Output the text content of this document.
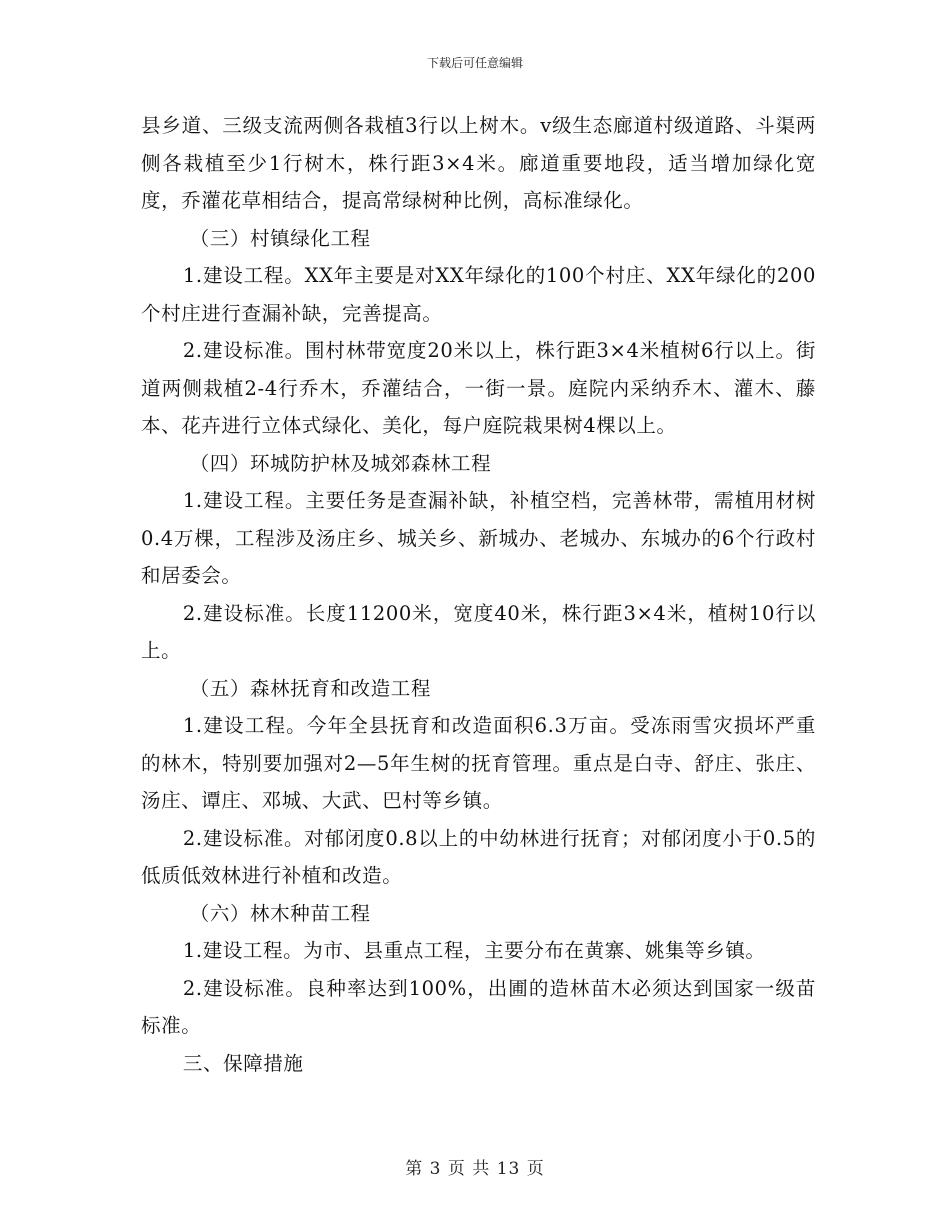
下载后可任意编辑

县乡道、三级支流两侧各栽植3行以上树木。v级生态廊道村级道路、斗渠两侧各栽植至少1行树木，株行距3×4米。廊道重要地段，适当增加绿化宽度，乔灌花草相结合，提高常绿树种比例，高标准绿化。

（三）村镇绿化工程

1.建设工程。XX年主要是对XX年绿化的100个村庄、XX年绿化的200个村庄进行查漏补缺，完善提高。

2.建设标准。围村林带宽度20米以上，株行距3×4米植树6行以上。街道两侧栽植2-4行乔木，乔灌结合，一街一景。庭院内采纳乔木、灌木、藤本、花卉进行立体式绿化、美化，每户庭院栽果树4棵以上。

（四）环城防护林及城郊森林工程

1.建设工程。主要任务是查漏补缺，补植空档，完善林带，需植用材树0.4万棵，工程涉及汤庄乡、城关乡、新城办、老城办、东城办的6个行政村和居委会。

2.建设标准。长度11200米，宽度40米，株行距3×4米，植树10行以上。

（五）森林抚育和改造工程

1.建设工程。今年全县抚育和改造面积6.3万亩。受冻雨雪灾损坏严重的林木，特别要加强对2—5年生树的抚育管理。重点是白寺、舒庄、张庄、汤庄、谭庄、邓城、大武、巴村等乡镇。

2.建设标准。对郁闭度0.8以上的中幼林进行抚育；对郁闭度小于0.5的低质低效林进行补植和改造。

（六）林木种苗工程

1.建设工程。为市、县重点工程，主要分布在黄寨、姚集等乡镇。

2.建设标准。良种率达到100%，出圃的造林苗木必须达到国家一级苗标准。

三、保障措施

第 3 页 共 13 页
